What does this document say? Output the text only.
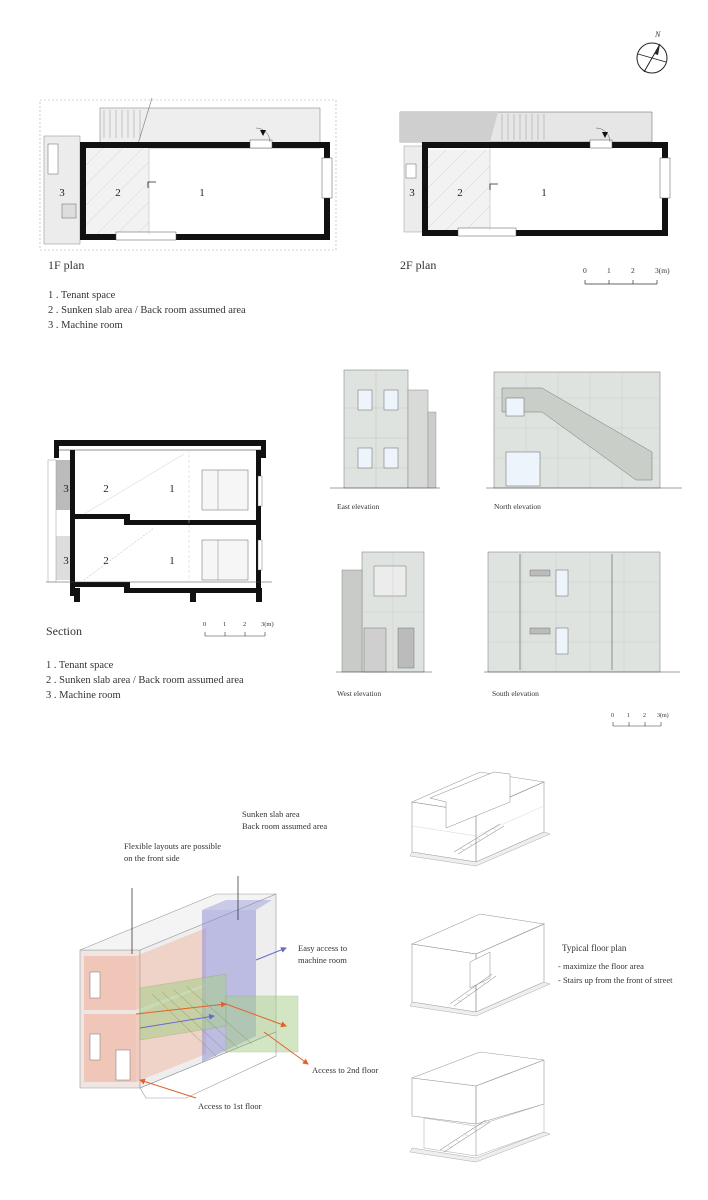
N
3	2	1
1F plan
3	2	1
2F plan	0	1	2	3(m)
1 . Tenant space
2 . Sunken slab area / Back room assumed area
3 . Machine room
3	2	1
3	2	1
Section	0	1	2 3(m)
1 . Tenant space
2 . Sunken slab area / Back room assumed area
3 . Machine room
East elevation	North elevation
West elevation	South elevation
0 1 2 3(m)
Sunken slab area
Back room assumed area
Flexible layouts are possible
on the front side
Easy access to
machine room
Access to 2nd floor
Access to 1st floor
Typical floor plan
- maximize the floor area
- Stairs up from the front of street
